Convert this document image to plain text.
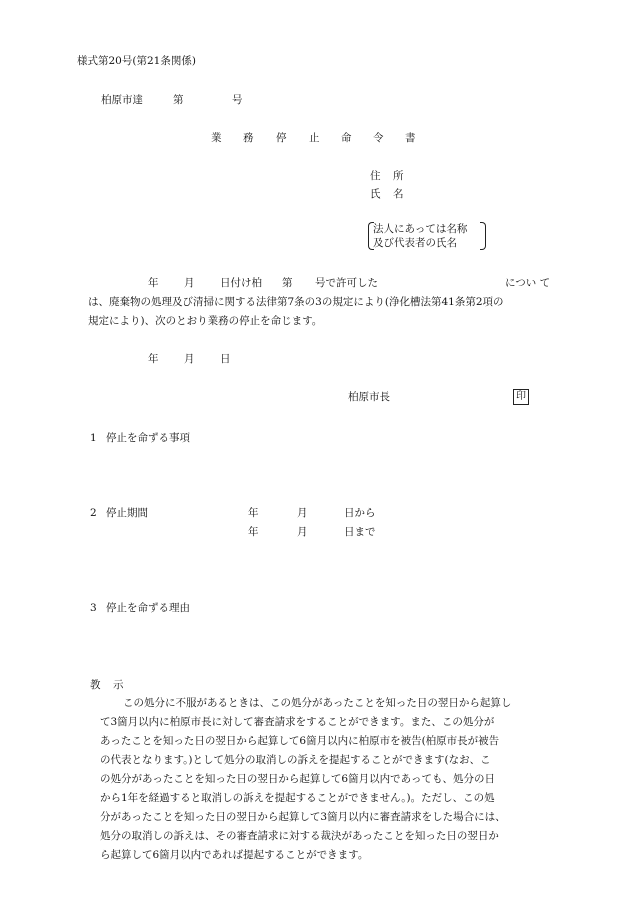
様式第20号(第21条関係)
柏原市達	第	号
業 務 停 止 命 令 書
住 所
氏 名
法人にあっては名称
及び代表者の氏名
年 月 日付け柏 第 号で許可した	につい て
は、廃棄物の処理及び清掃に関する法律第7条の3の規定により(浄化槽法第41条第2項の
規定により)、次のとおり業務の停止を命じます。
年 月 日
柏原市長	印
1 停止を命ずる事項
2 停止期間	年	月	日から
年	月	日まで
3 停止を命ずる理由
教 示
この処分に不服があるときは、この処分があったことを知った日の翌日から起算し
て3箇月以内に柏原市長に対して審査請求をすることができます。また、この処分が
あったことを知った日の翌日から起算して6箇月以内に柏原市を被告(柏原市長が被告
の代表となります。)として処分の取消しの訴えを提起することができます(なお、こ
の処分があったことを知った日の翌日から起算して6箇月以内であっても、処分の日
から1年を経過すると取消しの訴えを提起することができません。)。ただし、この処
分があったことを知った日の翌日から起算して3箇月以内に審査請求をした場合には、
処分の取消しの訴えは、その審査請求に対する裁決があったことを知った日の翌日か
ら起算して6箇月以内であれば提起することができます。
